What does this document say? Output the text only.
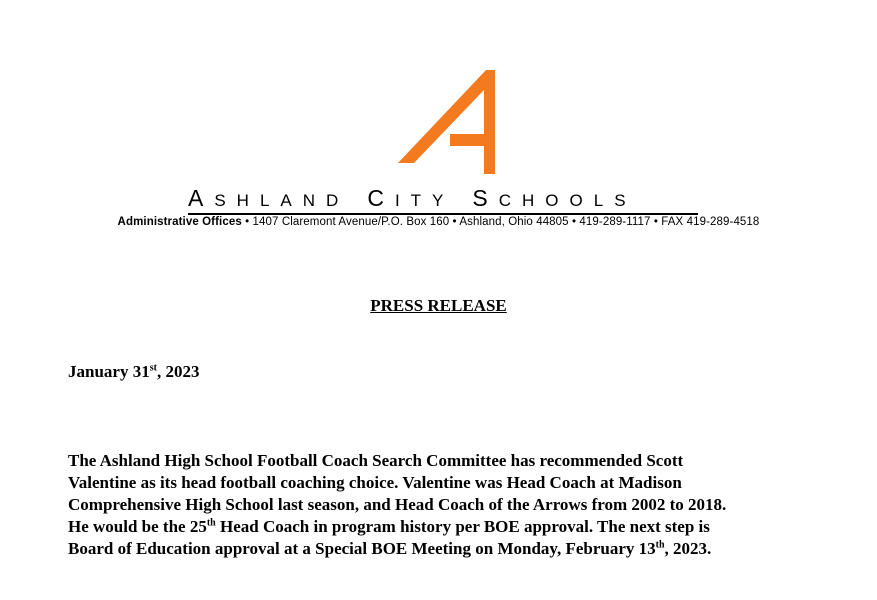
ASHLAND CITY SCHOOLS
Administrative Offices • 1407 Claremont Avenue/P.O. Box 160 • Ashland, Ohio 44805 • 419-289-1117 • FAX 419-289-4518
PRESS RELEASE
January 31st, 2023
The Ashland High School Football Coach Search Committee has recommended Scott
Valentine as its head football coaching choice. Valentine was Head Coach at Madison
Comprehensive High School last season, and Head Coach of the Arrows from 2002 to 2018.
He would be the 25th Head Coach in program history per BOE approval. The next step is
Board of Education approval at a Special BOE Meeting on Monday, February 13th, 2023.
